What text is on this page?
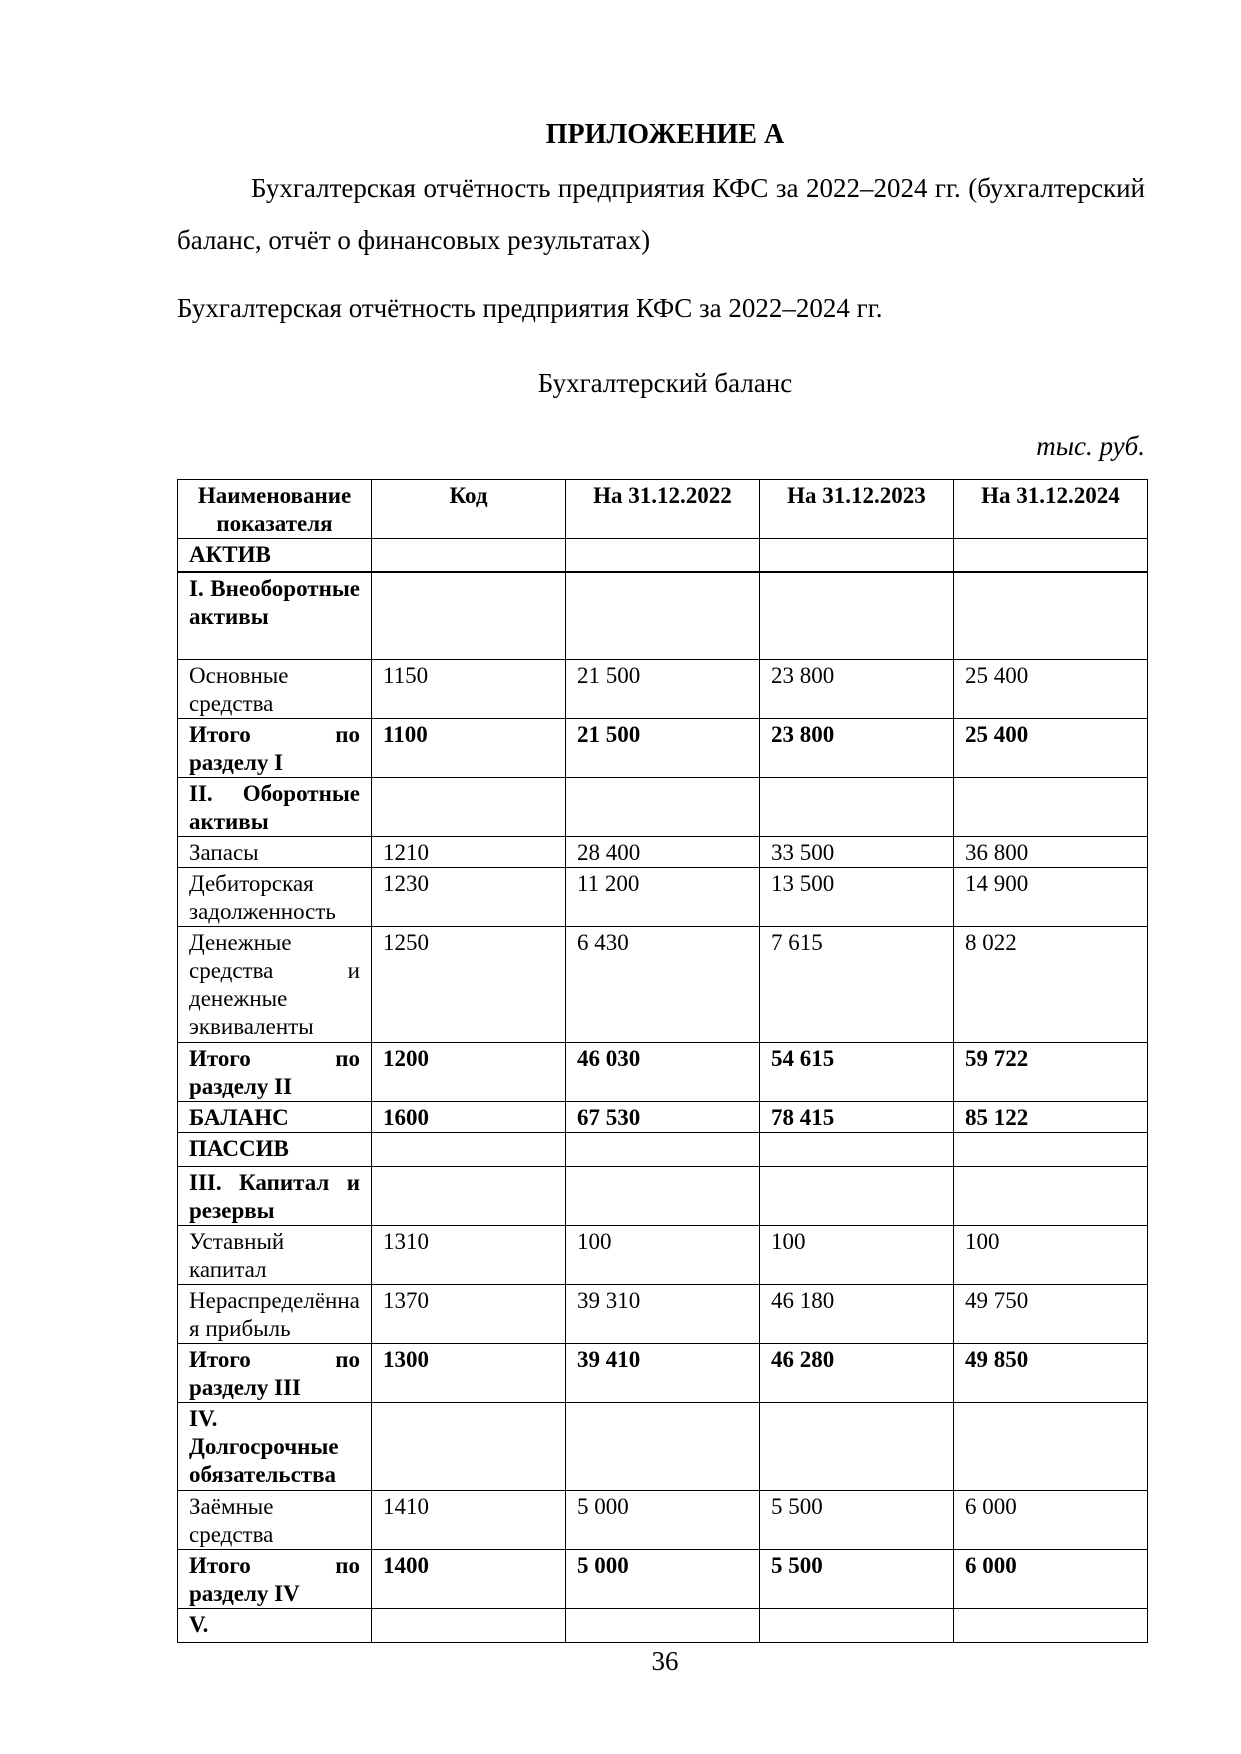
ПРИЛОЖЕНИЕ А
Бухгалтерская отчётность предприятия КФС за 2022–2024 гг. (бухгалтерский баланс, отчёт о финансовых результатах)
Бухгалтерская отчётность предприятия КФС за 2022–2024 гг.
Бухгалтерский баланс
тыс. руб.
Наименование показателя	Код	На 31.12.2022	На 31.12.2023	На 31.12.2024
АКТИВ				
I. Внеоборотные активы				
Основные средства	1150	21 500	23 800	25 400
Итого по разделу I	1100	21 500	23 800	25 400
II. Оборотные активы				
Запасы	1210	28 400	33 500	36 800
Дебиторская задолженность	1230	11 200	13 500	14 900
Денежные средства и денежные эквиваленты	1250	6 430	7 615	8 022
Итого по разделу II	1200	46 030	54 615	59 722
БАЛАНС	1600	67 530	78 415	85 122
ПАССИВ				
III. Капитал и резервы				
Уставный капитал	1310	100	100	100
Нераспределённая прибыль	1370	39 310	46 180	49 750
Итого по разделу III	1300	39 410	46 280	49 850
IV. Долгосрочные обязательства				
Заёмные средства	1410	5 000	5 500	6 000
Итого по разделу IV	1400	5 000	5 500	6 000
V.				
36
